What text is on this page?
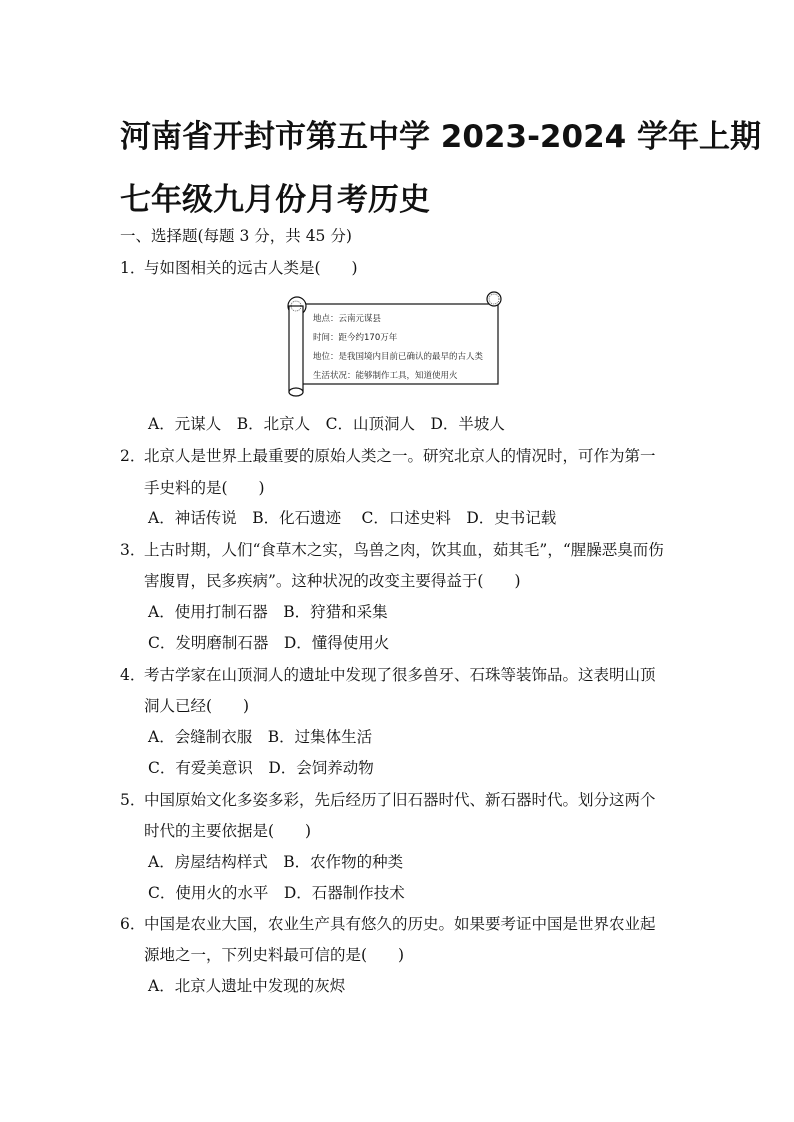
河南省开封市第五中学 2023-2024 学年上期
七年级九月份月考历史
一、选择题(每题 3 分，共 45 分)
1．与如图相关的远古人类是(　　)
地点：云南元谋县
时间：距今约170万年
地位：是我国境内目前已确认的最早的古人类
生活状况：能够制作工具，知道使用火
A．元谋人　B．北京人　C．山顶洞人　D．半坡人
2．北京人是世界上最重要的原始人类之一。研究北京人的情况时，可作为第一
手史料的是(　　)
A．神话传说　B．化石遗迹　 C．口述史料　D．史书记载
3．上古时期，人们“食草木之实，鸟兽之肉，饮其血，茹其毛”，“腥臊恶臭而伤
害腹胃，民多疾病”。这种状况的改变主要得益于(　　)
A．使用打制石器　B．狩猎和采集
C．发明磨制石器　D．懂得使用火
4．考古学家在山顶洞人的遗址中发现了很多兽牙、石珠等装饰品。这表明山顶
洞人已经(　　)
A．会缝制衣服　B．过集体生活
C．有爱美意识　D．会饲养动物
5．中国原始文化多姿多彩，先后经历了旧石器时代、新石器时代。划分这两个
时代的主要依据是(　　)
A．房屋结构样式　B．农作物的种类
C．使用火的水平　D．石器制作技术
6．中国是农业大国，农业生产具有悠久的历史。如果要考证中国是世界农业起
源地之一，下列史料最可信的是(　　)
A．北京人遗址中发现的灰烬
